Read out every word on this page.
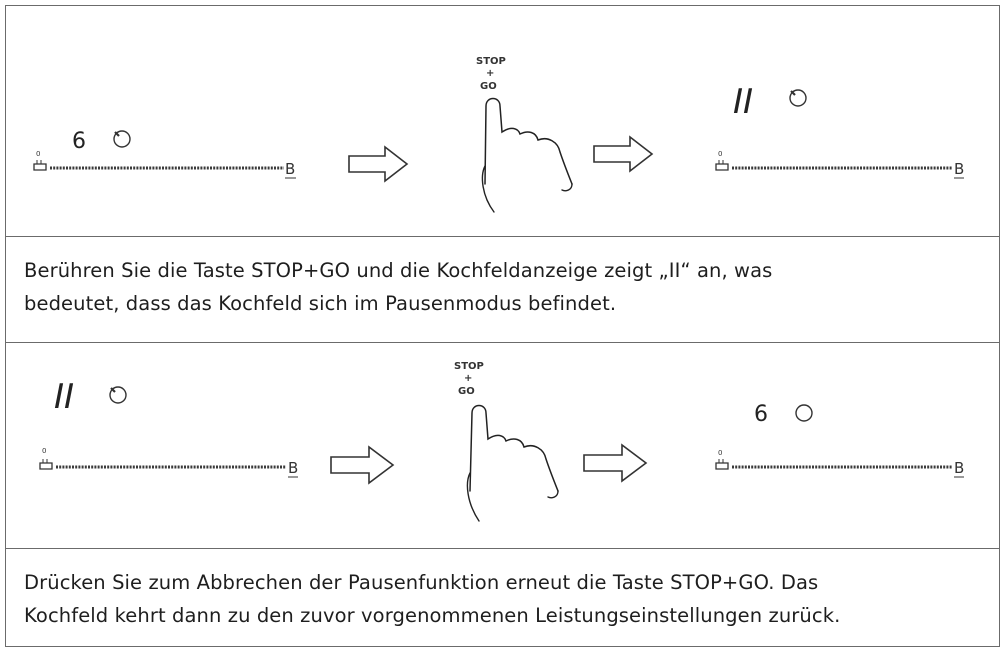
6
0
B
STOP
+
GO	II
0
B

Berühren Sie die Taste STOP+GO und die Kochfeldanzeige zeigt „II“ an, was
bedeutet, dass das Kochfeld sich im Pausenmodus befindet.

II
0
B
STOP
+
GO
6
0
B

Drücken Sie zum Abbrechen der Pausenfunktion erneut die Taste STOP+GO. Das
Kochfeld kehrt dann zu den zuvor vorgenommenen Leistungseinstellungen zurück.
